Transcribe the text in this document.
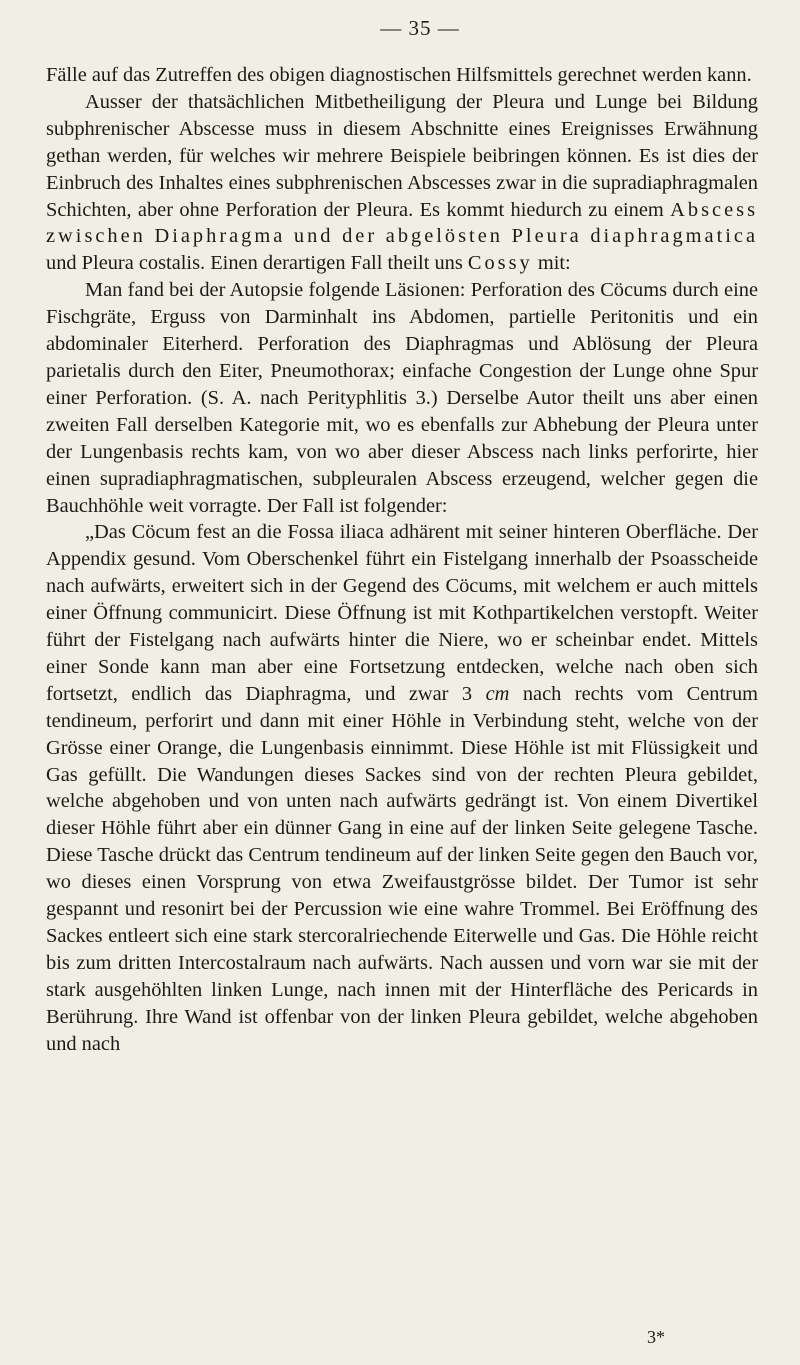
— 35 —

Fälle auf das Zutreffen des obigen diagnostischen Hilfsmittels gerechnet werden kann.

Ausser der thatsächlichen Mitbetheiligung der Pleura und Lunge bei Bildung subphrenischer Abscesse muss in diesem Abschnitte eines Ereignisses Erwähnung gethan werden, für welches wir mehrere Beispiele beibringen können. Es ist dies der Einbruch des Inhaltes eines subphrenischen Abscesses zwar in die supradiaphragmalen Schichten, aber ohne Perforation der Pleura. Es kommt hiedurch zu einem Abscess zwischen Diaphragma und der abgelösten Pleura diaphragmatica und Pleura costalis. Einen derartigen Fall theilt uns Cossy mit:

Man fand bei der Autopsie folgende Läsionen: Perforation des Cöcums durch eine Fischgräte, Erguss von Darminhalt ins Abdomen, partielle Peritonitis und ein abdominaler Eiterherd. Perforation des Diaphragmas und Ablösung der Pleura parietalis durch den Eiter, Pneumothorax; einfache Congestion der Lunge ohne Spur einer Perforation. (S. A. nach Perityphlitis 3.) Derselbe Autor theilt uns aber einen zweiten Fall derselben Kategorie mit, wo es ebenfalls zur Abhebung der Pleura unter der Lungenbasis rechts kam, von wo aber dieser Abscess nach links perforirte, hier einen supradiaphragmatischen, subpleuralen Abscess erzeugend, welcher gegen die Bauchhöhle weit vorragte. Der Fall ist folgender:

„Das Cöcum fest an die Fossa iliaca adhärent mit seiner hinteren Oberfläche. Der Appendix gesund. Vom Oberschenkel führt ein Fistelgang innerhalb der Psoasscheide nach aufwärts, erweitert sich in der Gegend des Cöcums, mit welchem er auch mittels einer Öffnung communicirt. Diese Öffnung ist mit Kothpartikelchen verstopft. Weiter führt der Fistelgang nach aufwärts hinter die Niere, wo er scheinbar endet. Mittels einer Sonde kann man aber eine Fortsetzung entdecken, welche nach oben sich fortsetzt, endlich das Diaphragma, und zwar 3 cm nach rechts vom Centrum tendineum, perforirt und dann mit einer Höhle in Verbindung steht, welche von der Grösse einer Orange, die Lungenbasis einnimmt. Diese Höhle ist mit Flüssigkeit und Gas gefüllt. Die Wandungen dieses Sackes sind von der rechten Pleura gebildet, welche abgehoben und von unten nach aufwärts gedrängt ist. Von einem Divertikel dieser Höhle führt aber ein dünner Gang in eine auf der linken Seite gelegene Tasche. Diese Tasche drückt das Centrum tendineum auf der linken Seite gegen den Bauch vor, wo dieses einen Vorsprung von etwa Zweifaustgrösse bildet. Der Tumor ist sehr gespannt und resonirt bei der Percussion wie eine wahre Trommel. Bei Eröffnung des Sackes entleert sich eine stark stercoralriechende Eiterwelle und Gas. Die Höhle reicht bis zum dritten Intercostalraum nach aufwärts. Nach aussen und vorn war sie mit der stark ausgehöhlten linken Lunge, nach innen mit der Hinterfläche des Pericards in Berührung. Ihre Wand ist offenbar von der linken Pleura gebildet, welche abgehoben und nach

3*
